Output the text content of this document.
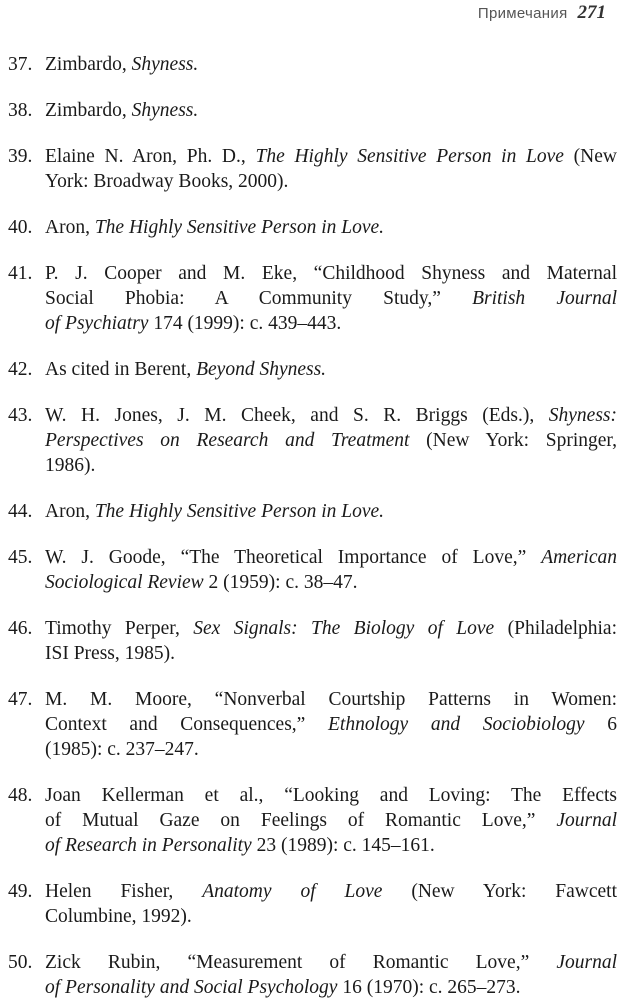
Примечания 271
37. Zimbardo, Shyness.
38. Zimbardo, Shyness.
39. Elaine N. Aron, Ph. D., The Highly Sensitive Person in Love (New
York: Broadway Books, 2000).
40. Aron, The Highly Sensitive Person in Love.
41. P. J. Cooper and M. Eke, “Childhood Shyness and Maternal
Social Phobia: A Community Study,” British Journal
of Psychiatry 174 (1999): c. 439–443.
42. As cited in Berent, Beyond Shyness.
43. W. H. Jones, J. M. Cheek, and S. R. Briggs (Eds.), Shyness:
Perspectives on Research and Treatment (New York: Springer,
1986).
44. Aron, The Highly Sensitive Person in Love.
45. W. J. Goode, “The Theoretical Importance of Love,” American
Sociological Review 2 (1959): c. 38–47.
46. Timothy Perper, Sex Signals: The Biology of Love (Philadelphia:
ISI Press, 1985).
47. M. M. Moore, “Nonverbal Courtship Patterns in Women:
Context and Consequences,” Ethnology and Sociobiology 6
(1985): c. 237–247.
48. Joan Kellerman et al., “Looking and Loving: The Effects
of Mutual Gaze on Feelings of Romantic Love,” Journal
of Research in Personality 23 (1989): c. 145–161.
49. Helen Fisher, Anatomy of Love (New York: Fawcett
Columbine, 1992).
50. Zick Rubin, “Measurement of Romantic Love,” Journal
of Personality and Social Psychology 16 (1970): c. 265–273.
